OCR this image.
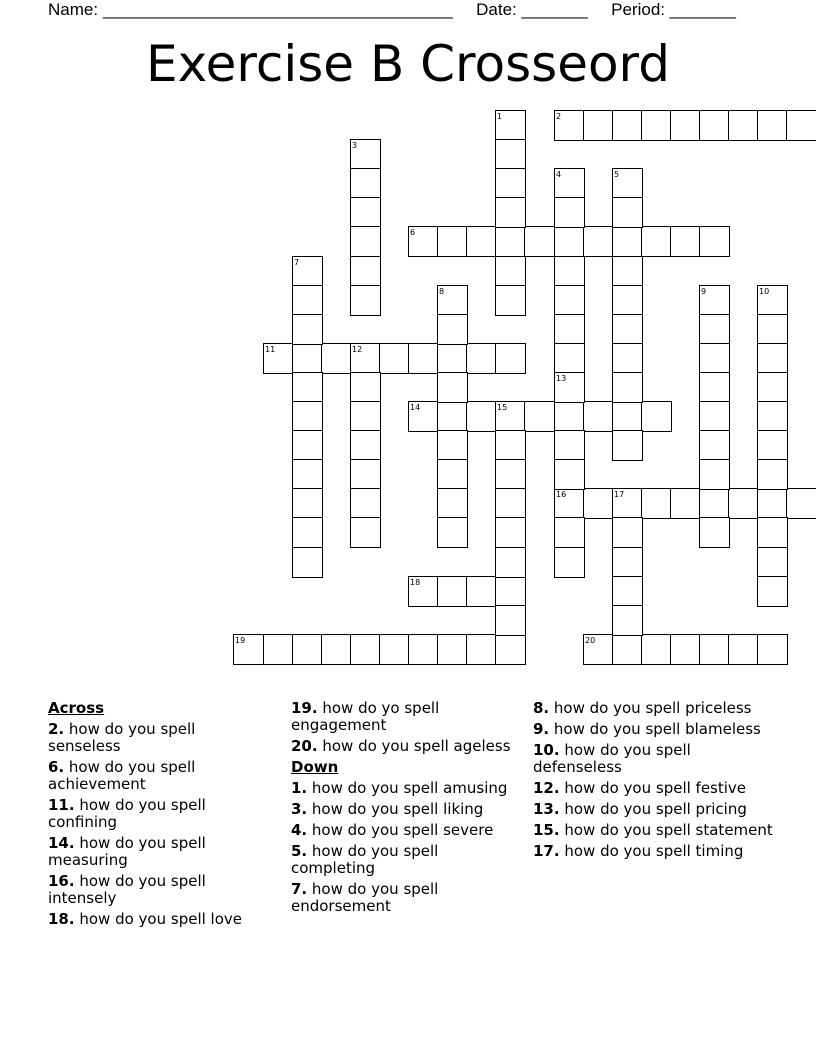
Name: _____________________________________ Date: _______ Period: _______
Exercise B Crosseord
2
6
11
14
16
18
19	20
1
3
4	5
7
8	9	10
12
13
15
17
Across
2. how do you spell senseless
6. how do you spell achievement
11. how do you spell confining
14. how do you spell measuring
16. how do you spell intensely
18. how do you spell love
19. how do yo spell engagement
20. how do you spell ageless
Down
1. how do you spell amusing
3. how do you spell liking
4. how do you spell severe
5. how do you spell completing
7. how do you spell endorsement
8. how do you spell priceless
9. how do you spell blameless
10. how do you spell defenseless
12. how do you spell festive
13. how do you spell pricing
15. how do you spell statement
17. how do you spell timing
